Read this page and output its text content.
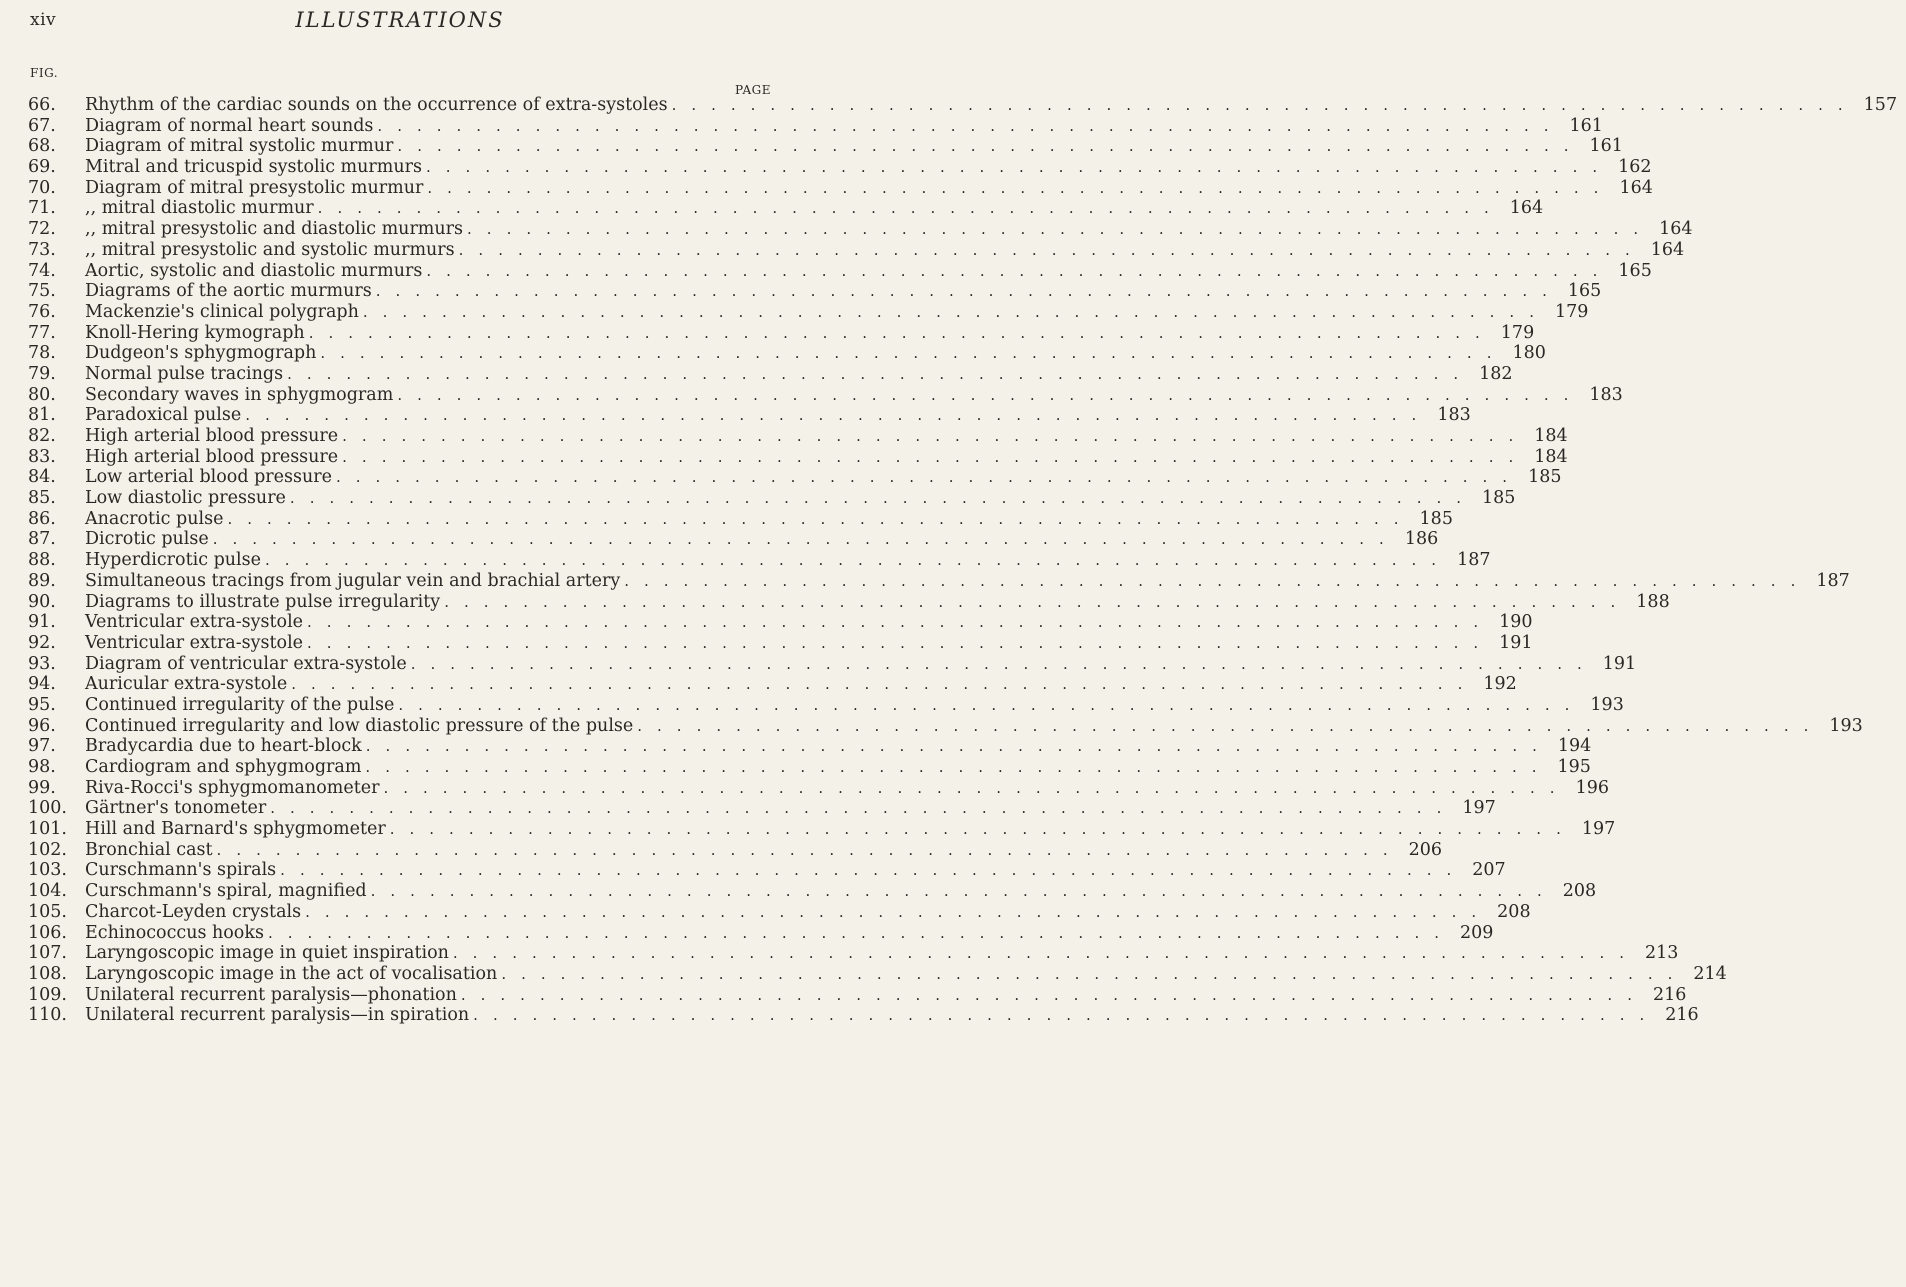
xiv	ILLUSTRATIONS
FIG.
PAGE
66.	Rhythm of the cardiac sounds on the occurrence of extra-systoles ............................................................ 157
67.	Diagram of normal heart sounds ............................................................ 161
68.	Diagram of mitral systolic murmur ............................................................ 161
69.	Mitral and tricuspid systolic murmurs ............................................................ 162
70.	Diagram of mitral presystolic murmur ............................................................ 164
71.	,, mitral diastolic murmur ............................................................ 164
72.	,, mitral presystolic and diastolic murmurs ............................................................ 164
73.	,, mitral presystolic and systolic murmurs ............................................................ 164
74.	Aortic, systolic and diastolic murmurs ............................................................ 165
75.	Diagrams of the aortic murmurs ............................................................ 165
76.	Mackenzie's clinical polygraph ............................................................ 179
77.	Knoll-Hering kymograph ............................................................ 179
78.	Dudgeon's sphygmograph ............................................................ 180
79.	Normal pulse tracings ............................................................ 182
80.	Secondary waves in sphygmogram ............................................................ 183
81.	Paradoxical pulse ............................................................ 183
82.	High arterial blood pressure ............................................................ 184
83.	High arterial blood pressure ............................................................ 184
84.	Low arterial blood pressure ............................................................ 185
85.	Low diastolic pressure ............................................................ 185
86.	Anacrotic pulse ............................................................ 185
87.	Dicrotic pulse ............................................................ 186
88.	Hyperdicrotic pulse ............................................................ 187
89.	Simultaneous tracings from jugular vein and brachial artery ............................................................ 187
90.	Diagrams to illustrate pulse irregularity ............................................................ 188
91.	Ventricular extra-systole ............................................................ 190
92.	Ventricular extra-systole ............................................................ 191
93.	Diagram of ventricular extra-systole ............................................................ 191
94.	Auricular extra-systole ............................................................ 192
95.	Continued irregularity of the pulse ............................................................ 193
96.	Continued irregularity and low diastolic pressure of the pulse ............................................................ 193
97.	Bradycardia due to heart-block ............................................................ 194
98.	Cardiogram and sphygmogram ............................................................ 195
99.	Riva-Rocci's sphygmomanometer ............................................................ 196
100.	Gärtner's tonometer ............................................................ 197
101.	Hill and Barnard's sphygmometer ............................................................ 197
102.	Bronchial cast ............................................................ 206
103.	Curschmann's spirals ............................................................ 207
104.	Curschmann's spiral, magnified ............................................................ 208
105.	Charcot-Leyden crystals ............................................................ 208
106.	Echinococcus hooks ............................................................ 209
107.	Laryngoscopic image in quiet inspiration ............................................................ 213
108.	Laryngoscopic image in the act of vocalisation ............................................................ 214
109.	Unilateral recurrent paralysis—phonation ............................................................ 216
110.	Unilateral recurrent paralysis—in spiration ............................................................ 216
